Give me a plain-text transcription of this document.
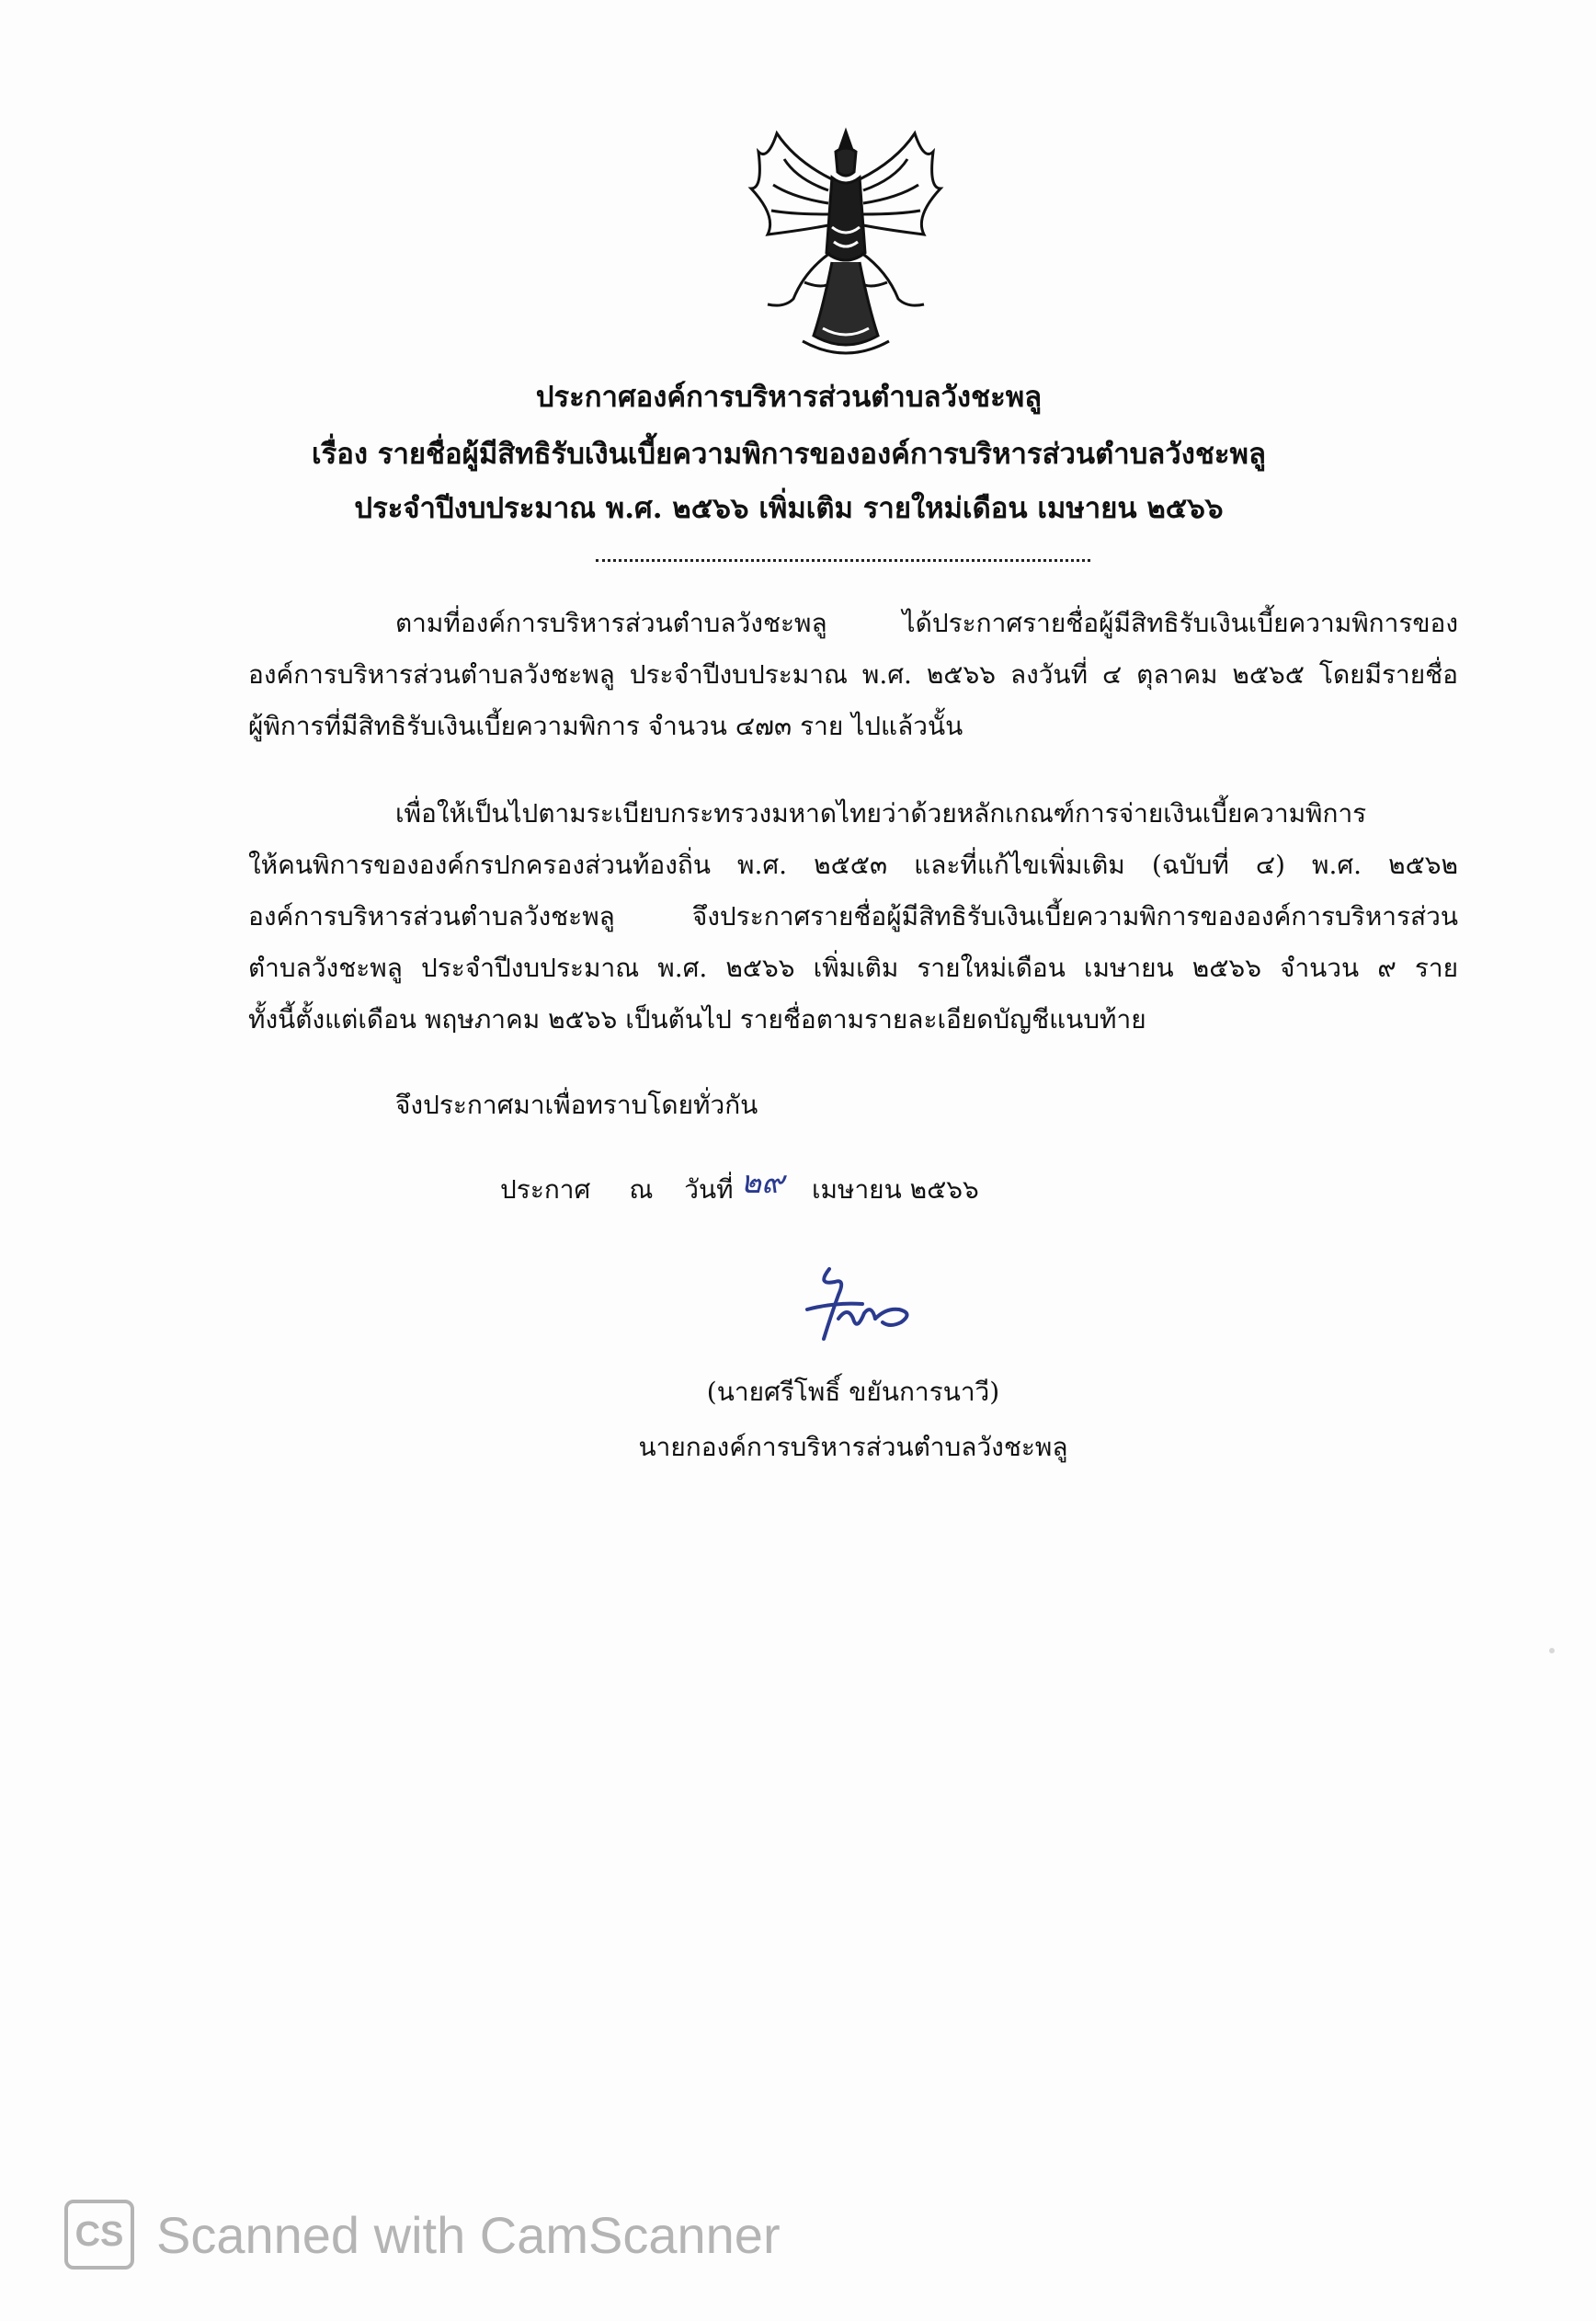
ประกาศองค์การบริหารส่วนตำบลวังชะพลู
เรื่อง รายชื่อผู้มีสิทธิรับเงินเบี้ยความพิการขององค์การบริหารส่วนตำบลวังชะพลู
ประจำปีงบประมาณ พ.ศ. ๒๕๖๖ เพิ่มเติม รายใหม่เดือน เมษายน ๒๕๖๖
ตามที่องค์การบริหารส่วนตำบลวังชะพลู ได้ประกาศรายชื่อผู้มีสิทธิรับเงินเบี้ยความพิการของ
องค์การบริหารส่วนตำบลวังชะพลู ประจำปีงบประมาณ พ.ศ. ๒๕๖๖ ลงวันที่ ๔ ตุลาคม ๒๕๖๕ โดยมีรายชื่อ
ผู้พิการที่มีสิทธิรับเงินเบี้ยความพิการ จำนวน ๔๗๓ ราย ไปแล้วนั้น
เพื่อให้เป็นไปตามระเบียบกระทรวงมหาดไทยว่าด้วยหลักเกณฑ์การจ่ายเงินเบี้ยความพิการ
ให้คนพิการขององค์กรปกครองส่วนท้องถิ่น พ.ศ. ๒๕๕๓ และที่แก้ไขเพิ่มเติม (ฉบับที่ ๔) พ.ศ. ๒๕๖๒
องค์การบริหารส่วนตำบลวังชะพลู จึงประกาศรายชื่อผู้มีสิทธิรับเงินเบี้ยความพิการขององค์การบริหารส่วน
ตำบลวังชะพลู ประจำปีงบประมาณ พ.ศ. ๒๕๖๖ เพิ่มเติม รายใหม่เดือน เมษายน ๒๕๖๖ จำนวน ๙ ราย
ทั้งนี้ตั้งแต่เดือน พฤษภาคม ๒๕๖๖ เป็นต้นไป รายชื่อตามรายละเอียดบัญชีแนบท้าย
จึงประกาศมาเพื่อทราบโดยทั่วกัน
ประกาศ ณ วันที่ ๒๙ เมษายน ๒๕๖๖
(นายศรีโพธิ์ ขยันการนาวี)
นายกองค์การบริหารส่วนตำบลวังชะพลู
CS Scanned with CamScanner
